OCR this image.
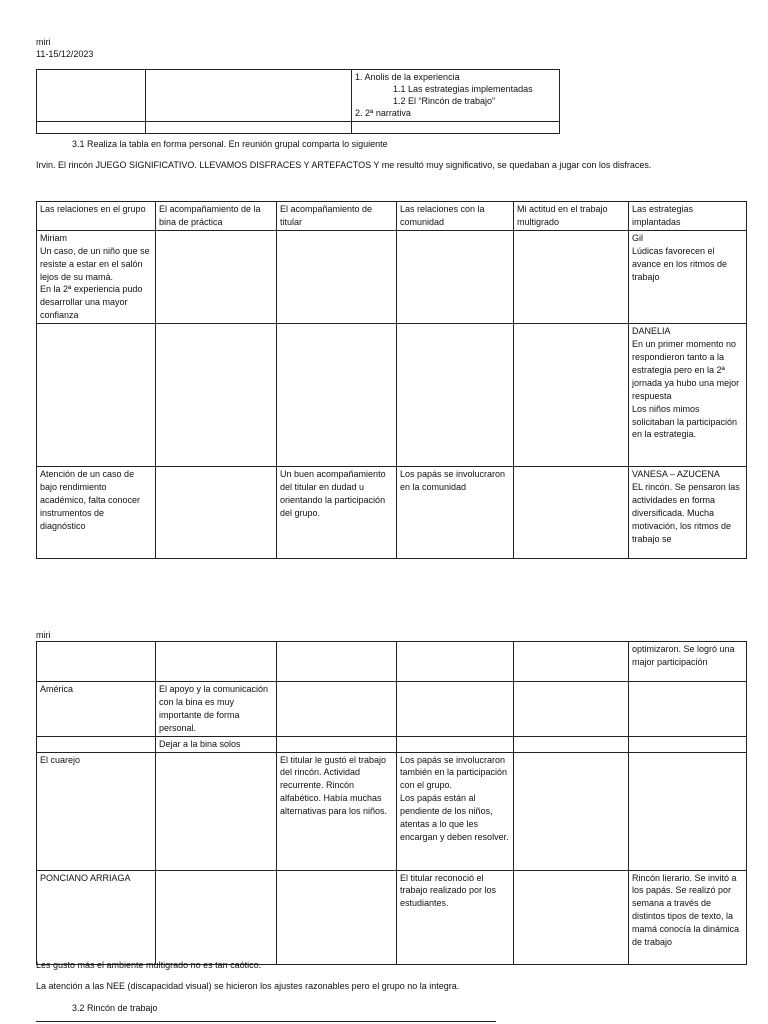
miri
11-15/12/2023

		1. Anolis de la experiencia
1.1 Las estrategias implementadas
1.2 El “Rincón de trabajo”
2. 2ª narrativa

3.1 Realiza la tabla en forma personal. En reunión grupal comparta lo siguiente
Irvin. El rincón JUEGO SIGNIFICATIVO. LLEVAMOS DISFRACES Y ARTEFACTOS Y me resultó muy significativo, se quedaban a jugar con los disfraces.
Las relaciones en el grupo	El acompañamiento de la bina de práctica	El acompañamiento de titular	Las relaciones con la comunidad	Mi actitud en el trabajo multigrado	Las estrategias implantadas

Miriam
Un caso, de un niño que se resiste a estar en el salón lejos de su mamá.
En la 2ª experiencia pudo desarrollar una mayor confianza					Gil
Lúdicas favorecen el avance en los ritmos de trabajo

					DANELIA
En un primer momento no respondieron tanto a la estrategia pero en la 2ª jornada ya hubo una mejor respuesta
Los niños mimos solicitaban la participación en la estrategia.

Atención de un caso de bajo rendimiento académico, falta conocer instrumentos de diagnóstico		Un buen acompañamiento del titular en dudad u orientando la participación del grupo.	Los papás se involucraron en la comunidad		VANESA – AZUCENA
EL rincón. Se pensaron las actividades en forma diversificada. Mucha motivación, los ritmos de trabajo se
miri

					optimizaron. Se logró una major participación

América	El apoyo y la comunicación con la bina es muy importante de forma personal.				

	Dejar a la bina solos				

El cuarejo		El titular le gustó el trabajo del rincón. Actividad recurrente. Rincón alfabético. Había muchas alternativas para los niños.	Los papás se involucraron también en la participación con el grupo.
Los papás están al pendiente de los niños, atentas a lo que les encargan y deben resolver.		

PONCIANO ARRIAGA			El titular reconoció el trabajo realizado por los estudiantes.		Rincón lierario. Se invitó a los papás. Se realizó por semana a través de distintos tipos de texto, la mamá conocía la dinámica de trabajo
Les gusto más el ambiente multigrado no es tan caótico.
La atención a las NEE (discapacidad visual) se hicieron los ajustes razonables pero el grupo no la integra.
3.2 Rincón de trabajo
